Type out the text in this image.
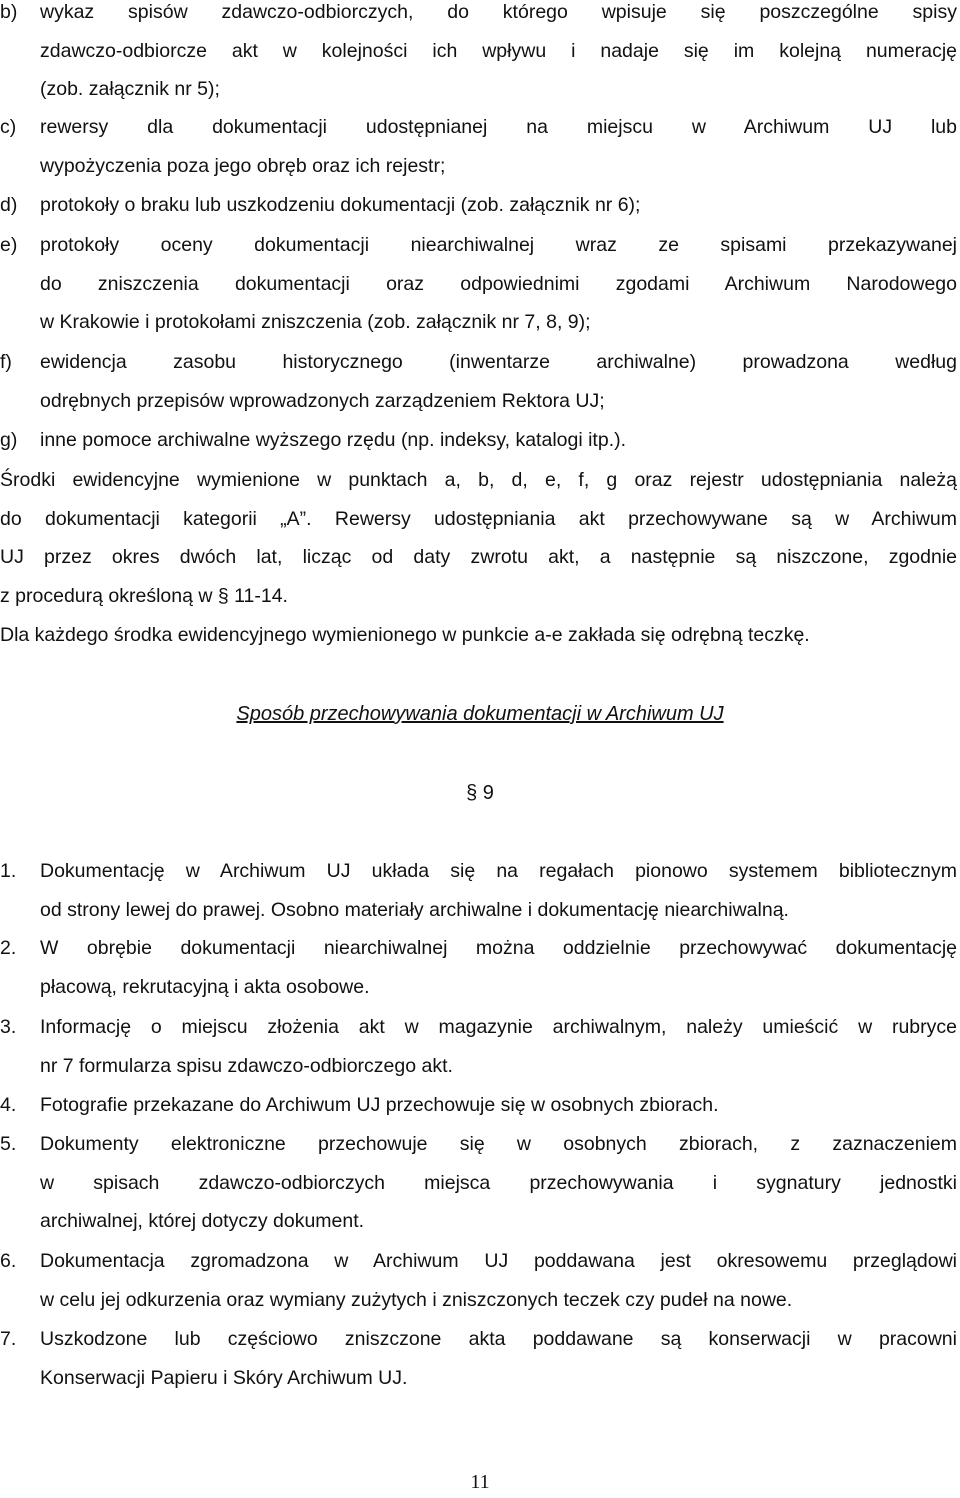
b) wykaz spisów zdawczo-odbiorczych, do którego wpisuje się poszczególne spisy
zdawczo-odbiorcze akt w kolejności ich wpływu i nadaje się im kolejną numerację
(zob. załącznik nr 5);
c) rewersy dla dokumentacji udostępnianej na miejscu w Archiwum UJ lub
wypożyczenia poza jego obręb oraz ich rejestr;
d) protokoły o braku lub uszkodzeniu dokumentacji (zob. załącznik nr 6);
e) protokoły oceny dokumentacji niearchiwalnej wraz ze spisami przekazywanej
do zniszczenia dokumentacji oraz odpowiednimi zgodami Archiwum Narodowego
w Krakowie i protokołami zniszczenia (zob. załącznik nr 7, 8, 9);
f) ewidencja zasobu historycznego (inwentarze archiwalne) prowadzona według
odrębnych przepisów wprowadzonych zarządzeniem Rektora UJ;
g) inne pomoce archiwalne wyższego rzędu (np. indeksy, katalogi itp.).
Środki ewidencyjne wymienione w punktach a, b, d, e, f, g oraz rejestr udostępniania należą
do dokumentacji kategorii „A”. Rewersy udostępniania akt przechowywane są w Archiwum
UJ przez okres dwóch lat, licząc od daty zwrotu akt, a następnie są niszczone, zgodnie
z procedurą określoną w § 11-14.
Dla każdego środka ewidencyjnego wymienionego w punkcie a-e zakłada się odrębną teczkę.
Sposób przechowywania dokumentacji w Archiwum UJ
§ 9
1. Dokumentację w Archiwum UJ układa się na regałach pionowo systemem bibliotecznym
od strony lewej do prawej. Osobno materiały archiwalne i dokumentację niearchiwalną.
2. W obrębie dokumentacji niearchiwalnej można oddzielnie przechowywać dokumentację
płacową, rekrutacyjną i akta osobowe.
3. Informację o miejscu złożenia akt w magazynie archiwalnym, należy umieścić w rubryce
nr 7 formularza spisu zdawczo-odbiorczego akt.
4. Fotografie przekazane do Archiwum UJ przechowuje się w osobnych zbiorach.
5. Dokumenty elektroniczne przechowuje się w osobnych zbiorach, z zaznaczeniem
w spisach zdawczo-odbiorczych miejsca przechowywania i sygnatury jednostki
archiwalnej, której dotyczy dokument.
6. Dokumentacja zgromadzona w Archiwum UJ poddawana jest okresowemu przeglądowi
w celu jej odkurzenia oraz wymiany zużytych i zniszczonych teczek czy pudeł na nowe.
7. Uszkodzone lub częściowo zniszczone akta poddawane są konserwacji w pracowni
Konserwacji Papieru i Skóry Archiwum UJ.
11
